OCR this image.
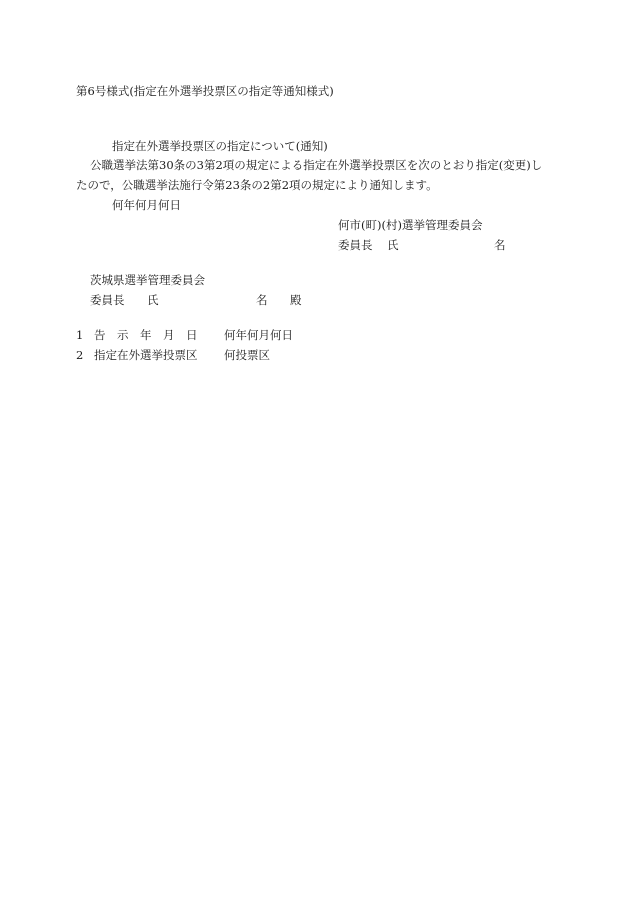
第6号様式(指定在外選挙投票区の指定等通知様式)

指定在外選挙投票区の指定について(通知)

公職選挙法第30条の3第2項の規定による指定在外選挙投票区を次のとおり指定(変更)し

たので，公職選挙法施行令第23条の2第2項の規定により通知します。

何年何月何日

何市(町)(村)選挙管理委員会

委員長 氏	名

茨城県選挙管理委員会

委員長 氏	名 殿
1 告　示　年　月　日 何年何月何日
2 指定在外選挙投票区 何投票区
